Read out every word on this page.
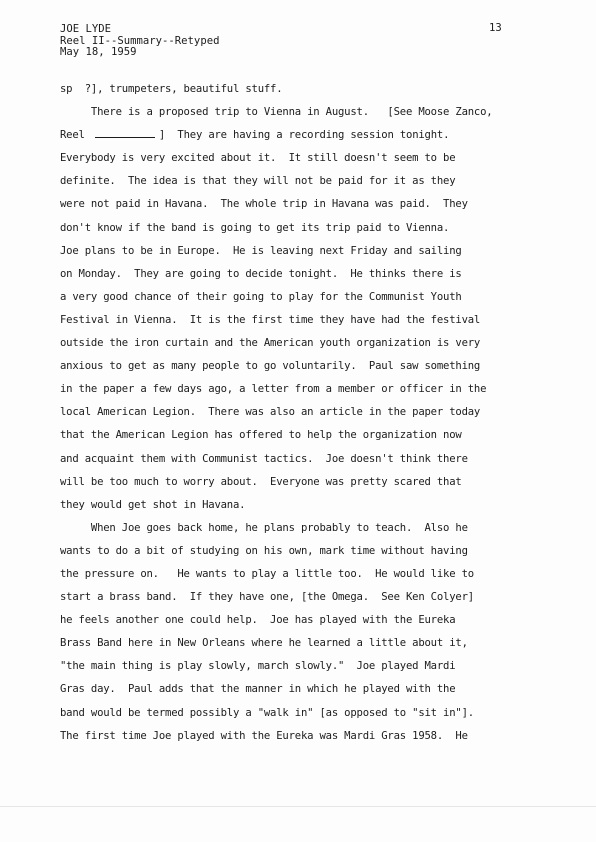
JOE LYDE
Reel II--Summary--Retyped
May 18, 1959
13
sp  ?], trumpeters, beautiful stuff.
There is a proposed trip to Vienna in August.   [See Moose Zanco,
Reel	]  They are having a recording session tonight.
Everybody is very excited about it.  It still doesn't seem to be
definite.  The idea is that they will not be paid for it as they
were not paid in Havana.  The whole trip in Havana was paid.  They
don't know if the band is going to get its trip paid to Vienna.
Joe plans to be in Europe.  He is leaving next Friday and sailing
on Monday.  They are going to decide tonight.  He thinks there is
a very good chance of their going to play for the Communist Youth
Festival in Vienna.  It is the first time they have had the festival
outside the iron curtain and the American youth organization is very
anxious to get as many people to go voluntarily.  Paul saw something
in the paper a few days ago, a letter from a member or officer in the
local American Legion.  There was also an article in the paper today
that the American Legion has offered to help the organization now
and acquaint them with Communist tactics.  Joe doesn't think there
will be too much to worry about.  Everyone was pretty scared that
they would get shot in Havana.
When Joe goes back home, he plans probably to teach.  Also he
wants to do a bit of studying on his own, mark time without having
the pressure on.   He wants to play a little too.  He would like to
start a brass band.  If they have one, [the Omega.  See Ken Colyer]
he feels another one could help.  Joe has played with the Eureka
Brass Band here in New Orleans where he learned a little about it,
"the main thing is play slowly, march slowly."  Joe played Mardi
Gras day.  Paul adds that the manner in which he played with the
band would be termed possibly a "walk in" [as opposed to "sit in"].
The first time Joe played with the Eureka was Mardi Gras 1958.  He
